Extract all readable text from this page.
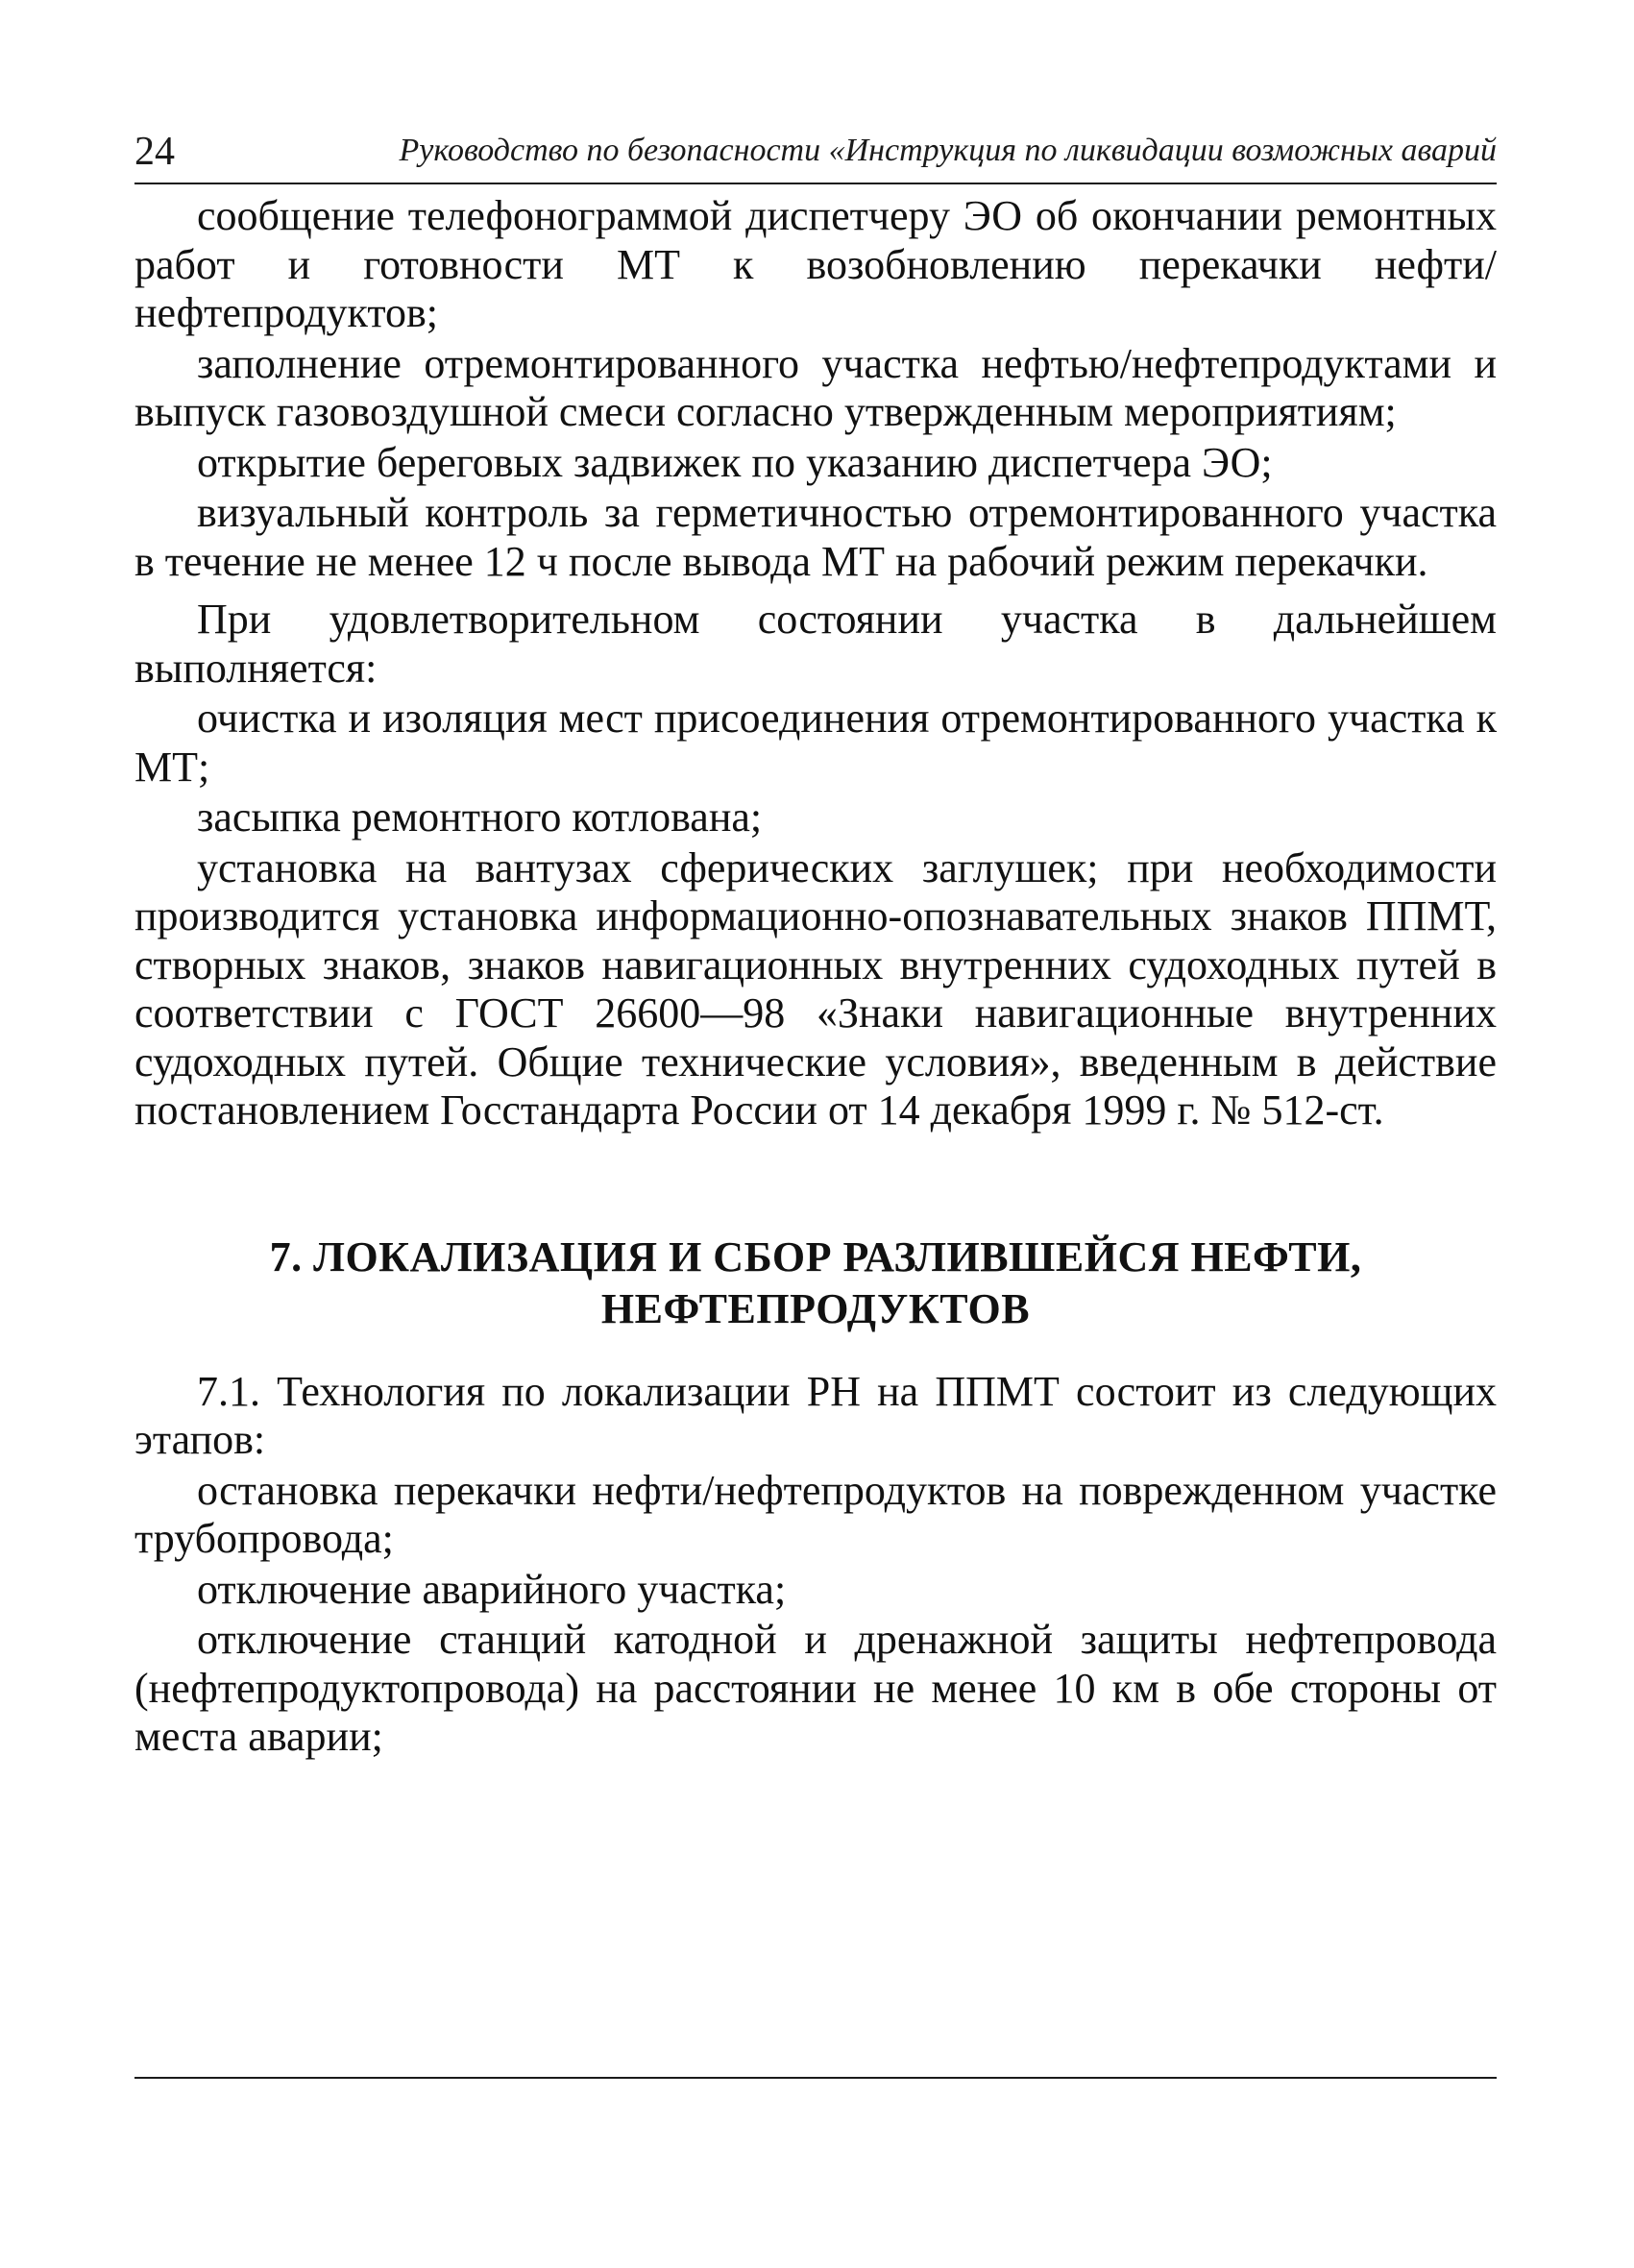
24	Руководство по безопасности «Инструкция по ликвидации возможных аварий

сообщение телефонограммой диспетчеру ЭО об окончании ремонтных работ и готовности МТ к возобновлению перекачки нефти/нефтепродуктов;

заполнение отремонтированного участка нефтью/нефтепродуктами и выпуск газовоздушной смеси согласно утвержденным мероприятиям;

открытие береговых задвижек по указанию диспетчера ЭО;

визуальный контроль за герметичностью отремонтированного участка в течение не менее 12 ч после вывода МТ на рабочий режим перекачки.

При удовлетворительном состоянии участка в дальнейшем выполняется:

очистка и изоляция мест присоединения отремонтированного участка к МТ;

засыпка ремонтного котлована;

установка на вантузах сферических заглушек; при необходимости производится установка информационно-опознавательных знаков ППМТ, створных знаков, знаков навигационных внутренних судоходных путей в соответствии с ГОСТ 26600—98 «Знаки навигационные внутренних судоходных путей. Общие технические условия», введенным в действие постановлением Госстандарта России от 14 декабря 1999 г. № 512-ст.

7. ЛОКАЛИЗАЦИЯ И СБОР РАЗЛИВШЕЙСЯ НЕФТИ,
НЕФТЕПРОДУКТОВ

7.1. Технология по локализации РН на ППМТ состоит из следующих этапов:

остановка перекачки нефти/нефтепродуктов на поврежденном участке трубопровода;

отключение аварийного участка;

отключение станций катодной и дренажной защиты нефтепровода (нефтепродуктопровода) на расстоянии не менее 10 км в обе стороны от места аварии;
